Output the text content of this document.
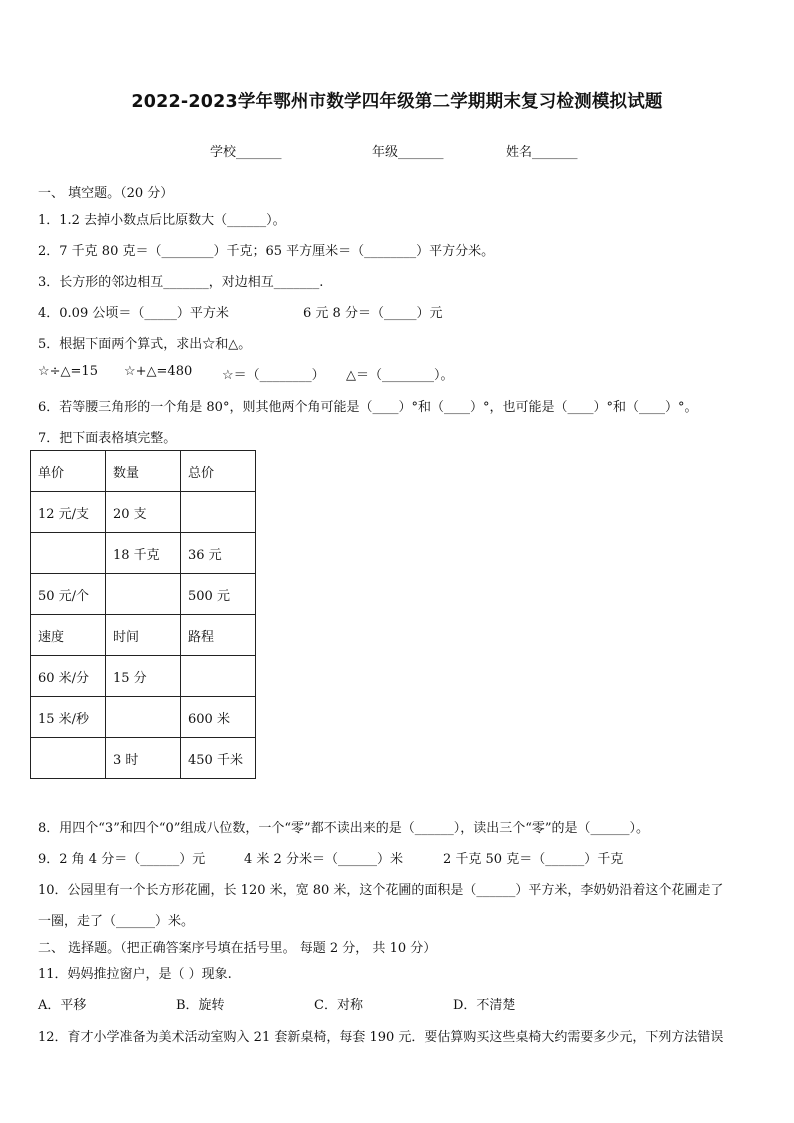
2022-2023学年鄂州市数学四年级第二学期期末复习检测模拟试题
学校_______	年级_______	姓名_______
一、 填空题。（20 分）
1．1.2 去掉小数点后比原数大（______）。
2．7 千克 80 克＝（________）千克；65 平方厘米＝（________）平方分米。
3．长方形的邻边相互_______，对边相互_______.
4．0.09 公顷＝（_____）平方米	6 元 8 分＝（_____）元
5．根据下面两个算式，求出☆和△。
☆÷△=15 ☆+△=480 ☆＝（________） △＝（________）。
6．若等腰三角形的一个角是 80°，则其他两个角可能是（____）°和（____）°，也可能是（____）°和（____）°。
7．把下面表格填完整。
单价	数量	总价
12 元/支	20 支	
	18 千克	36 元
50 元/个		500 元
速度	时间	路程
60 米/分	15 分	
15 米/秒		600 米
	3 时	450 千米
8．用四个“3”和四个“0”组成八位数，一个“零”都不读出来的是（______），读出三个“零”的是（______）。
9．2 角 4 分＝（______）元	4 米 2 分米＝（______）米	2 千克 50 克＝（______）千克
10．公园里有一个长方形花圃，长 120 米，宽 80 米，这个花圃的面积是（______）平方米，李奶奶沿着这个花圃走了
一圈，走了（______）米。
二、 选择题。（把正确答案序号填在括号里。 每题 2 分， 共 10 分）
11．妈妈推拉窗户，是（ ）现象.
A．平移	B．旋转	C．对称	D．不清楚
12．育才小学准备为美术活动室购入 21 套新桌椅，每套 190 元．要估算购买这些桌椅大约需要多少元，下列方法错误
